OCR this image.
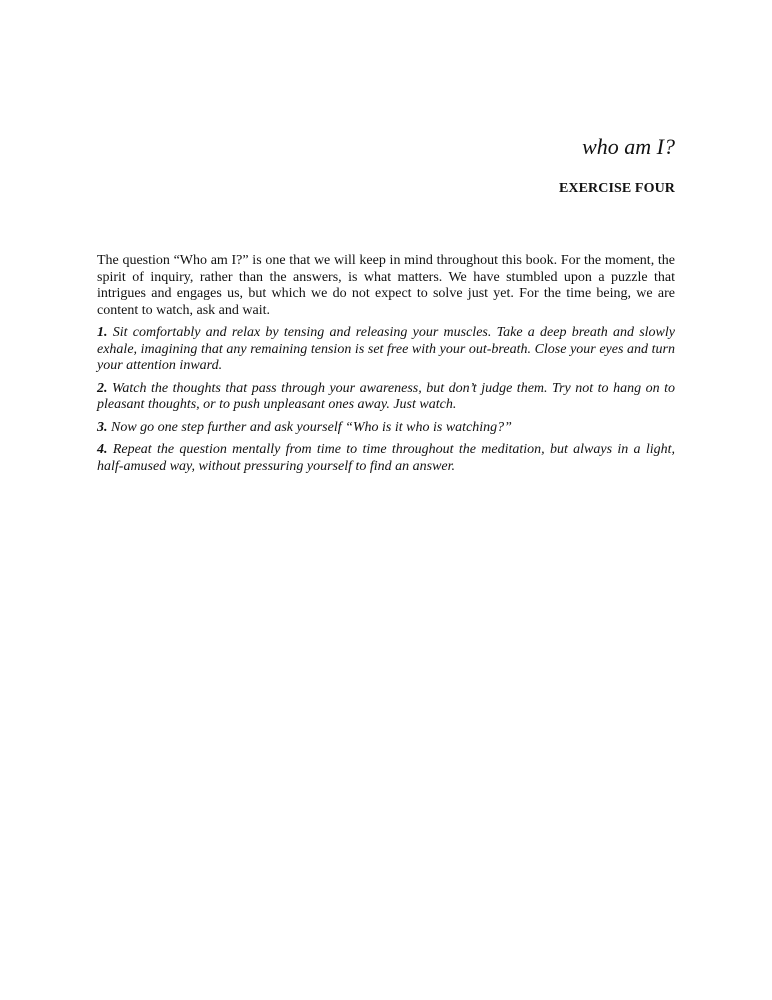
who am I?
EXERCISE FOUR

The question “Who am I?” is one that we will keep in mind throughout this book. For the moment, the spirit of inquiry, rather than the answers, is what matters. We have stumbled upon a puzzle that intrigues and engages us, but which we do not expect to solve just yet. For the time being, we are content to watch, ask and wait.

1. Sit comfortably and relax by tensing and releasing your muscles. Take a deep breath and slowly exhale, imagining that any remaining tension is set free with your out-breath. Close your eyes and turn your attention inward.

2. Watch the thoughts that pass through your awareness, but don’t judge them. Try not to hang on to pleasant thoughts, or to push unpleasant ones away. Just watch.

3. Now go one step further and ask yourself “Who is it who is watching?”

4. Repeat the question mentally from time to time throughout the meditation, but always in a light, half-amused way, without pressuring yourself to find an answer.
